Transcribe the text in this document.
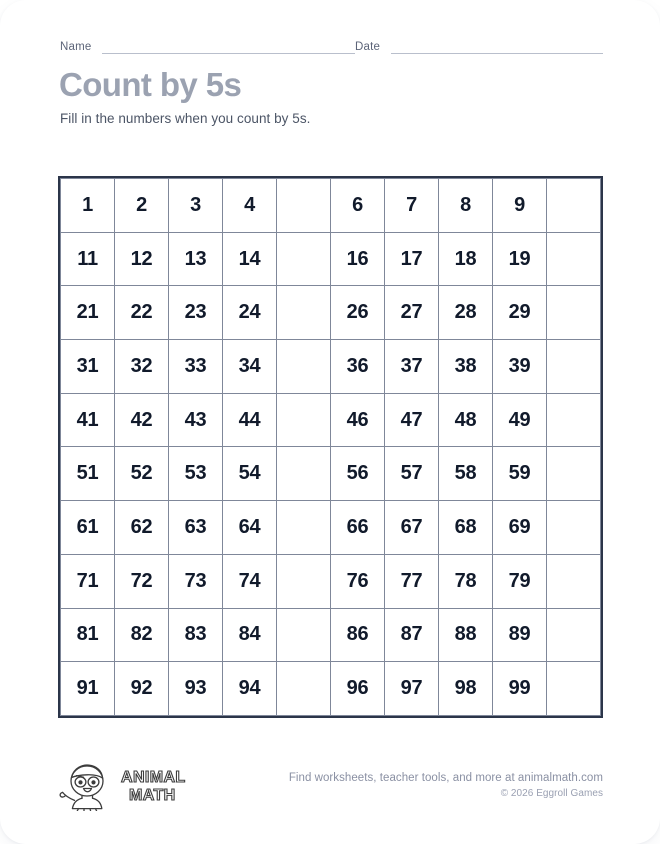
Name	Date
Count by 5s

Fill in the numbers when you count by 5s.

1	2	3	4		6	7	8	9	
11	12	13	14		16	17	18	19	
21	22	23	24		26	27	28	29	
31	32	33	34		36	37	38	39	
41	42	43	44		46	47	48	49	
51	52	53	54		56	57	58	59	
61	62	63	64		66	67	68	69	
71	72	73	74		76	77	78	79	
81	82	83	84		86	87	88	89	
91	92	93	94		96	97	98	99	
ANIMAL
MATH
Find worksheets, teacher tools, and more at animalmath.com
© 2026 Eggroll Games
